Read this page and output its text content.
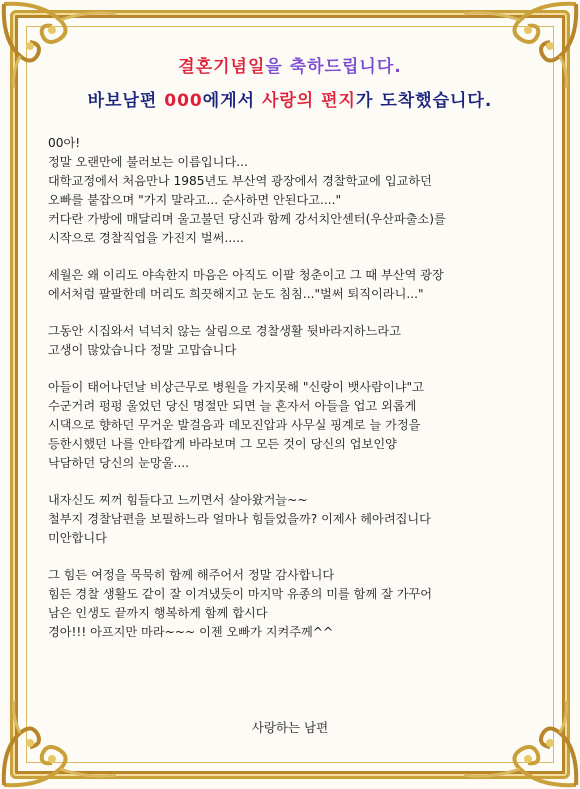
결혼기념일을 축하드립니다.
바보남편 000에게서 사랑의 편지가 도착했습니다.
00아!
정말 오랜만에 불러보는 이름입니다...
대학교정에서 처음만나 1985년도 부산역 광장에서 경찰학교에 입교하던
오빠를 붙잡으며 "가지 말라고... 순사하면 안된다고...."
커다란 가방에 매달리며 울고불던 당신과 함께 강서치안센터(우산파출소)를
시작으로 경찰직업을 가진지 벌써.....
세월은 왜 이리도 야속한지 마음은 아직도 이팔 청춘이고 그 때 부산역 광장
에서처럼 팔팔한데 머리도 희끗해지고 눈도 침침..."벌써 퇴직이라니..."
그동안 시집와서 넉넉치 않는 살림으로 경찰생활 뒷바라지하느라고
고생이 많았습니다 정말 고맙습니다
아들이 태어나던날 비상근무로 병원을 가지못해 "신랑이 뱃사람이냐"고
수군거려 펑펑 울었던 당신 명절만 되면 늘 혼자서 아들을 업고 외롭게
시댁으로 향하던 무거운 발걸음과 데모진압과 사무실 핑계로 늘 가정을
등한시했던 나를 안타깝게 바라보며 그 모든 것이 당신의 업보인양
낙담하던 당신의 눈망울....
내자신도 찌꺼 힘들다고 느끼면서 살아왔거늘~~
철부지 경찰남편을 보필하느라 얼마나 힘들었을까? 이제사 헤아려집니다
미안합니다
그 힘든 여정을 묵묵히 함께 해주어서 정말 감사합니다
힘든 경찰 생활도 같이 잘 이겨냈듯이 마지막 유종의 미를 함께 잘 가꾸어
남은 인생도 끝까지 행복하게 함께 합시다
경아!!! 아프지만 마라~~~ 이젠 오빠가 지켜주께^^
사랑하는 남편
